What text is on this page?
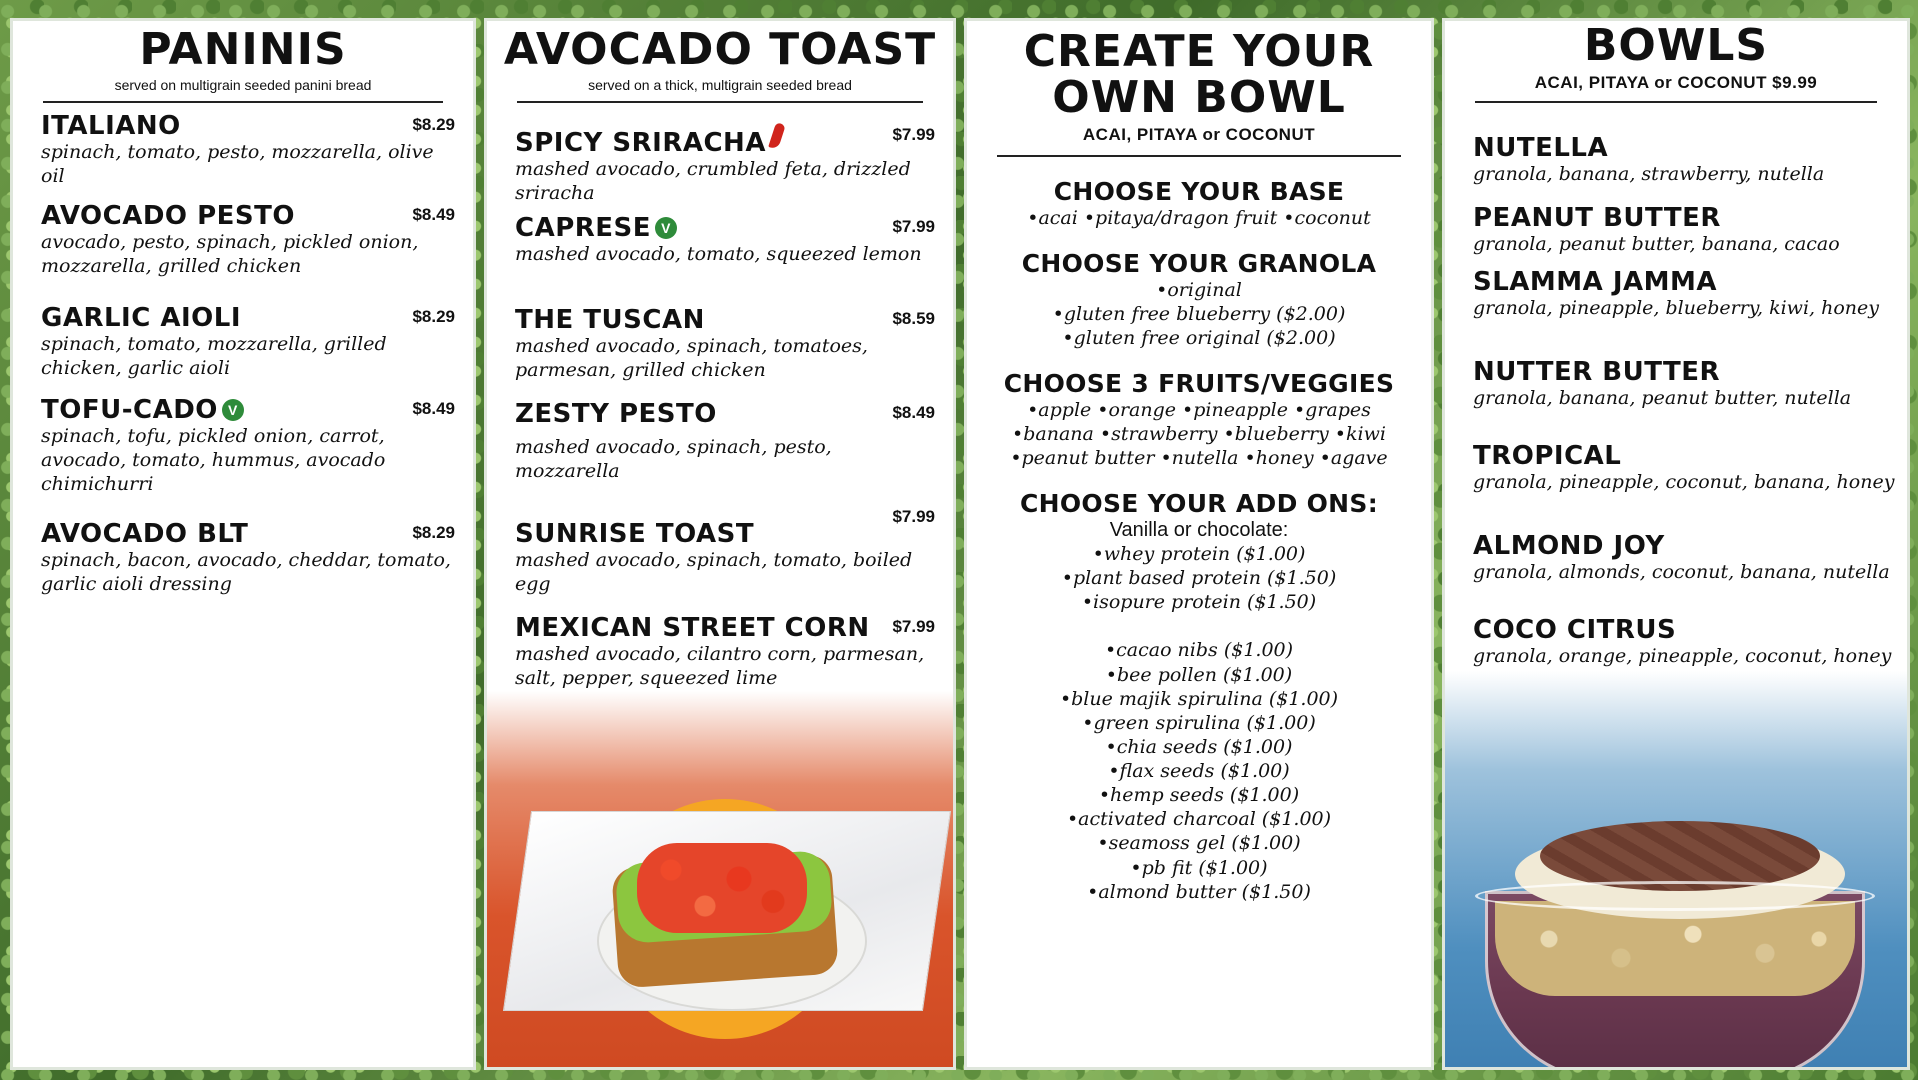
PANINIS
served on multigrain seeded panini bread
ITALIANO	$8.29
spinach, tomato, pesto, mozzarella, olive oil
AVOCADO PESTO	$8.49
avocado, pesto, spinach, pickled onion, mozzarella, grilled chicken
GARLIC AIOLI	$8.29
spinach, tomato, mozzarella, grilled chicken, garlic aioli
TOFU-CADO V	$8.49
spinach, tofu, pickled onion, carrot, avocado, tomato, hummus, avocado chimichurri
AVOCADO BLT	$8.29
spinach, bacon, avocado, cheddar, tomato, garlic aioli dressing
AVOCADO TOAST
served on a thick, multigrain seeded bread
SPICY SRIRACHA	$7.99
mashed avocado, crumbled feta, drizzled sriracha
CAPRESE V	$7.99
mashed avocado, tomato, squeezed lemon
THE TUSCAN	$8.59
mashed avocado, spinach, tomatoes, parmesan, grilled chicken
ZESTY PESTO	$8.49
mashed avocado, spinach, pesto, mozzarella
SUNRISE TOAST
$7.99
mashed avocado, spinach, tomato, boiled egg
MEXICAN STREET CORN	$7.99
mashed avocado, cilantro corn, parmesan, salt, pepper, squeezed lime
CREATE YOUR
OWN BOWL
ACAI, PITAYA or COCONUT
CHOOSE YOUR BASE
•acai •pitaya/dragon fruit •coconut
CHOOSE YOUR GRANOLA
•original
•gluten free blueberry ($2.00)
•gluten free original ($2.00)
CHOOSE 3 FRUITS/VEGGIES
•apple •orange •pineapple •grapes
•banana •strawberry •blueberry •kiwi
•peanut butter •nutella •honey •agave
CHOOSE YOUR ADD ONS:
Vanilla or chocolate:
•whey protein ($1.00)
•plant based protein ($1.50)
•isopure protein ($1.50)
•cacao nibs ($1.00)
•bee pollen ($1.00)
•blue majik spirulina ($1.00)
•green spirulina ($1.00)
•chia seeds ($1.00)
•flax seeds ($1.00)
•hemp seeds ($1.00)
•activated charcoal ($1.00)
•seamoss gel ($1.00)
•pb fit ($1.00)
•almond butter ($1.50)
BOWLS
ACAI, PITAYA or COCONUT $9.99
NUTELLA
granola, banana, strawberry, nutella
PEANUT BUTTER
granola, peanut butter, banana, cacao
SLAMMA JAMMA
granola, pineapple, blueberry, kiwi, honey
NUTTER BUTTER
granola, banana, peanut butter, nutella
TROPICAL
granola, pineapple, coconut, banana, honey
ALMOND JOY
granola, almonds, coconut, banana, nutella
COCO CITRUS
granola, orange, pineapple, coconut, honey
